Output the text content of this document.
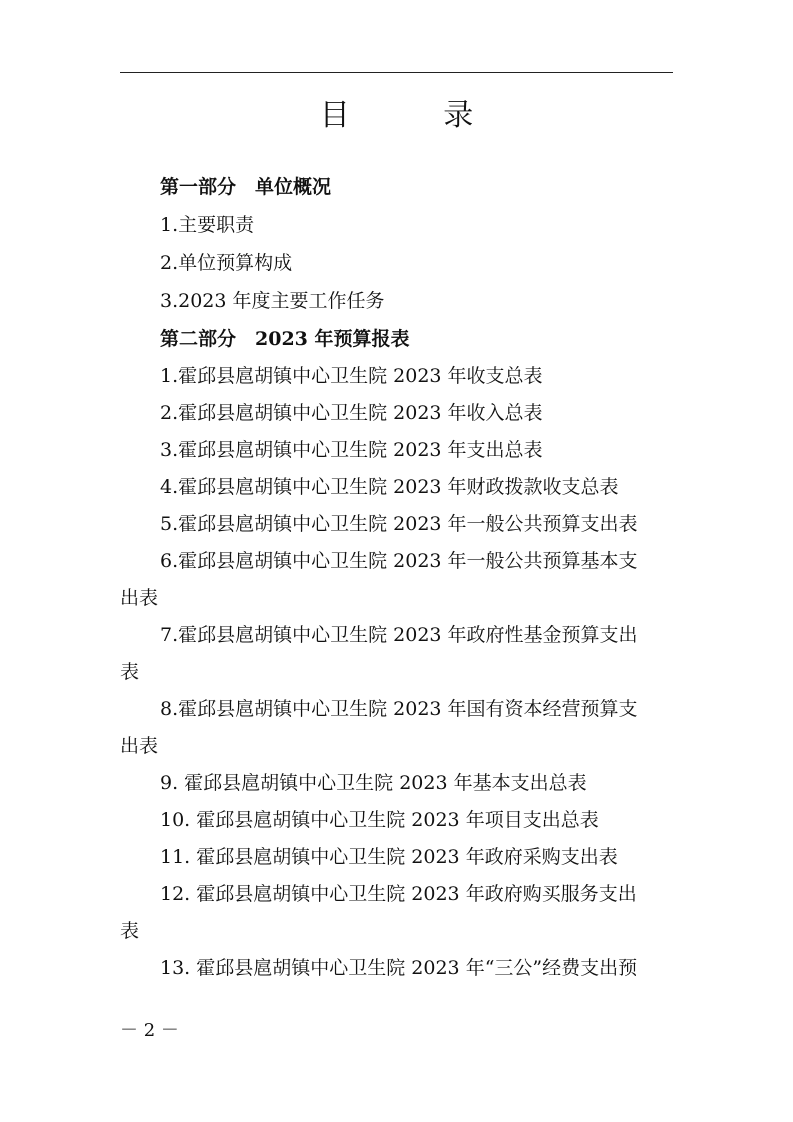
目 录
第一部分　单位概况
1.主要职责
2.单位预算构成
3.2023 年度主要工作任务
第二部分　2023 年预算报表
1.霍邱县扈胡镇中心卫生院 2023 年收支总表
2.霍邱县扈胡镇中心卫生院 2023 年收入总表
3.霍邱县扈胡镇中心卫生院 2023 年支出总表
4.霍邱县扈胡镇中心卫生院 2023 年财政拨款收支总表
5.霍邱县扈胡镇中心卫生院 2023 年一般公共预算支出表
6.霍邱县扈胡镇中心卫生院 2023 年一般公共预算基本支
出表
7.霍邱县扈胡镇中心卫生院 2023 年政府性基金预算支出
表
8.霍邱县扈胡镇中心卫生院 2023 年国有资本经营预算支
出表
9. 霍邱县扈胡镇中心卫生院 2023 年基本支出总表
10. 霍邱县扈胡镇中心卫生院 2023 年项目支出总表
11. 霍邱县扈胡镇中心卫生院 2023 年政府采购支出表
12. 霍邱县扈胡镇中心卫生院 2023 年政府购买服务支出
表
13. 霍邱县扈胡镇中心卫生院 2023 年“三公”经费支出预
－ 2 －
